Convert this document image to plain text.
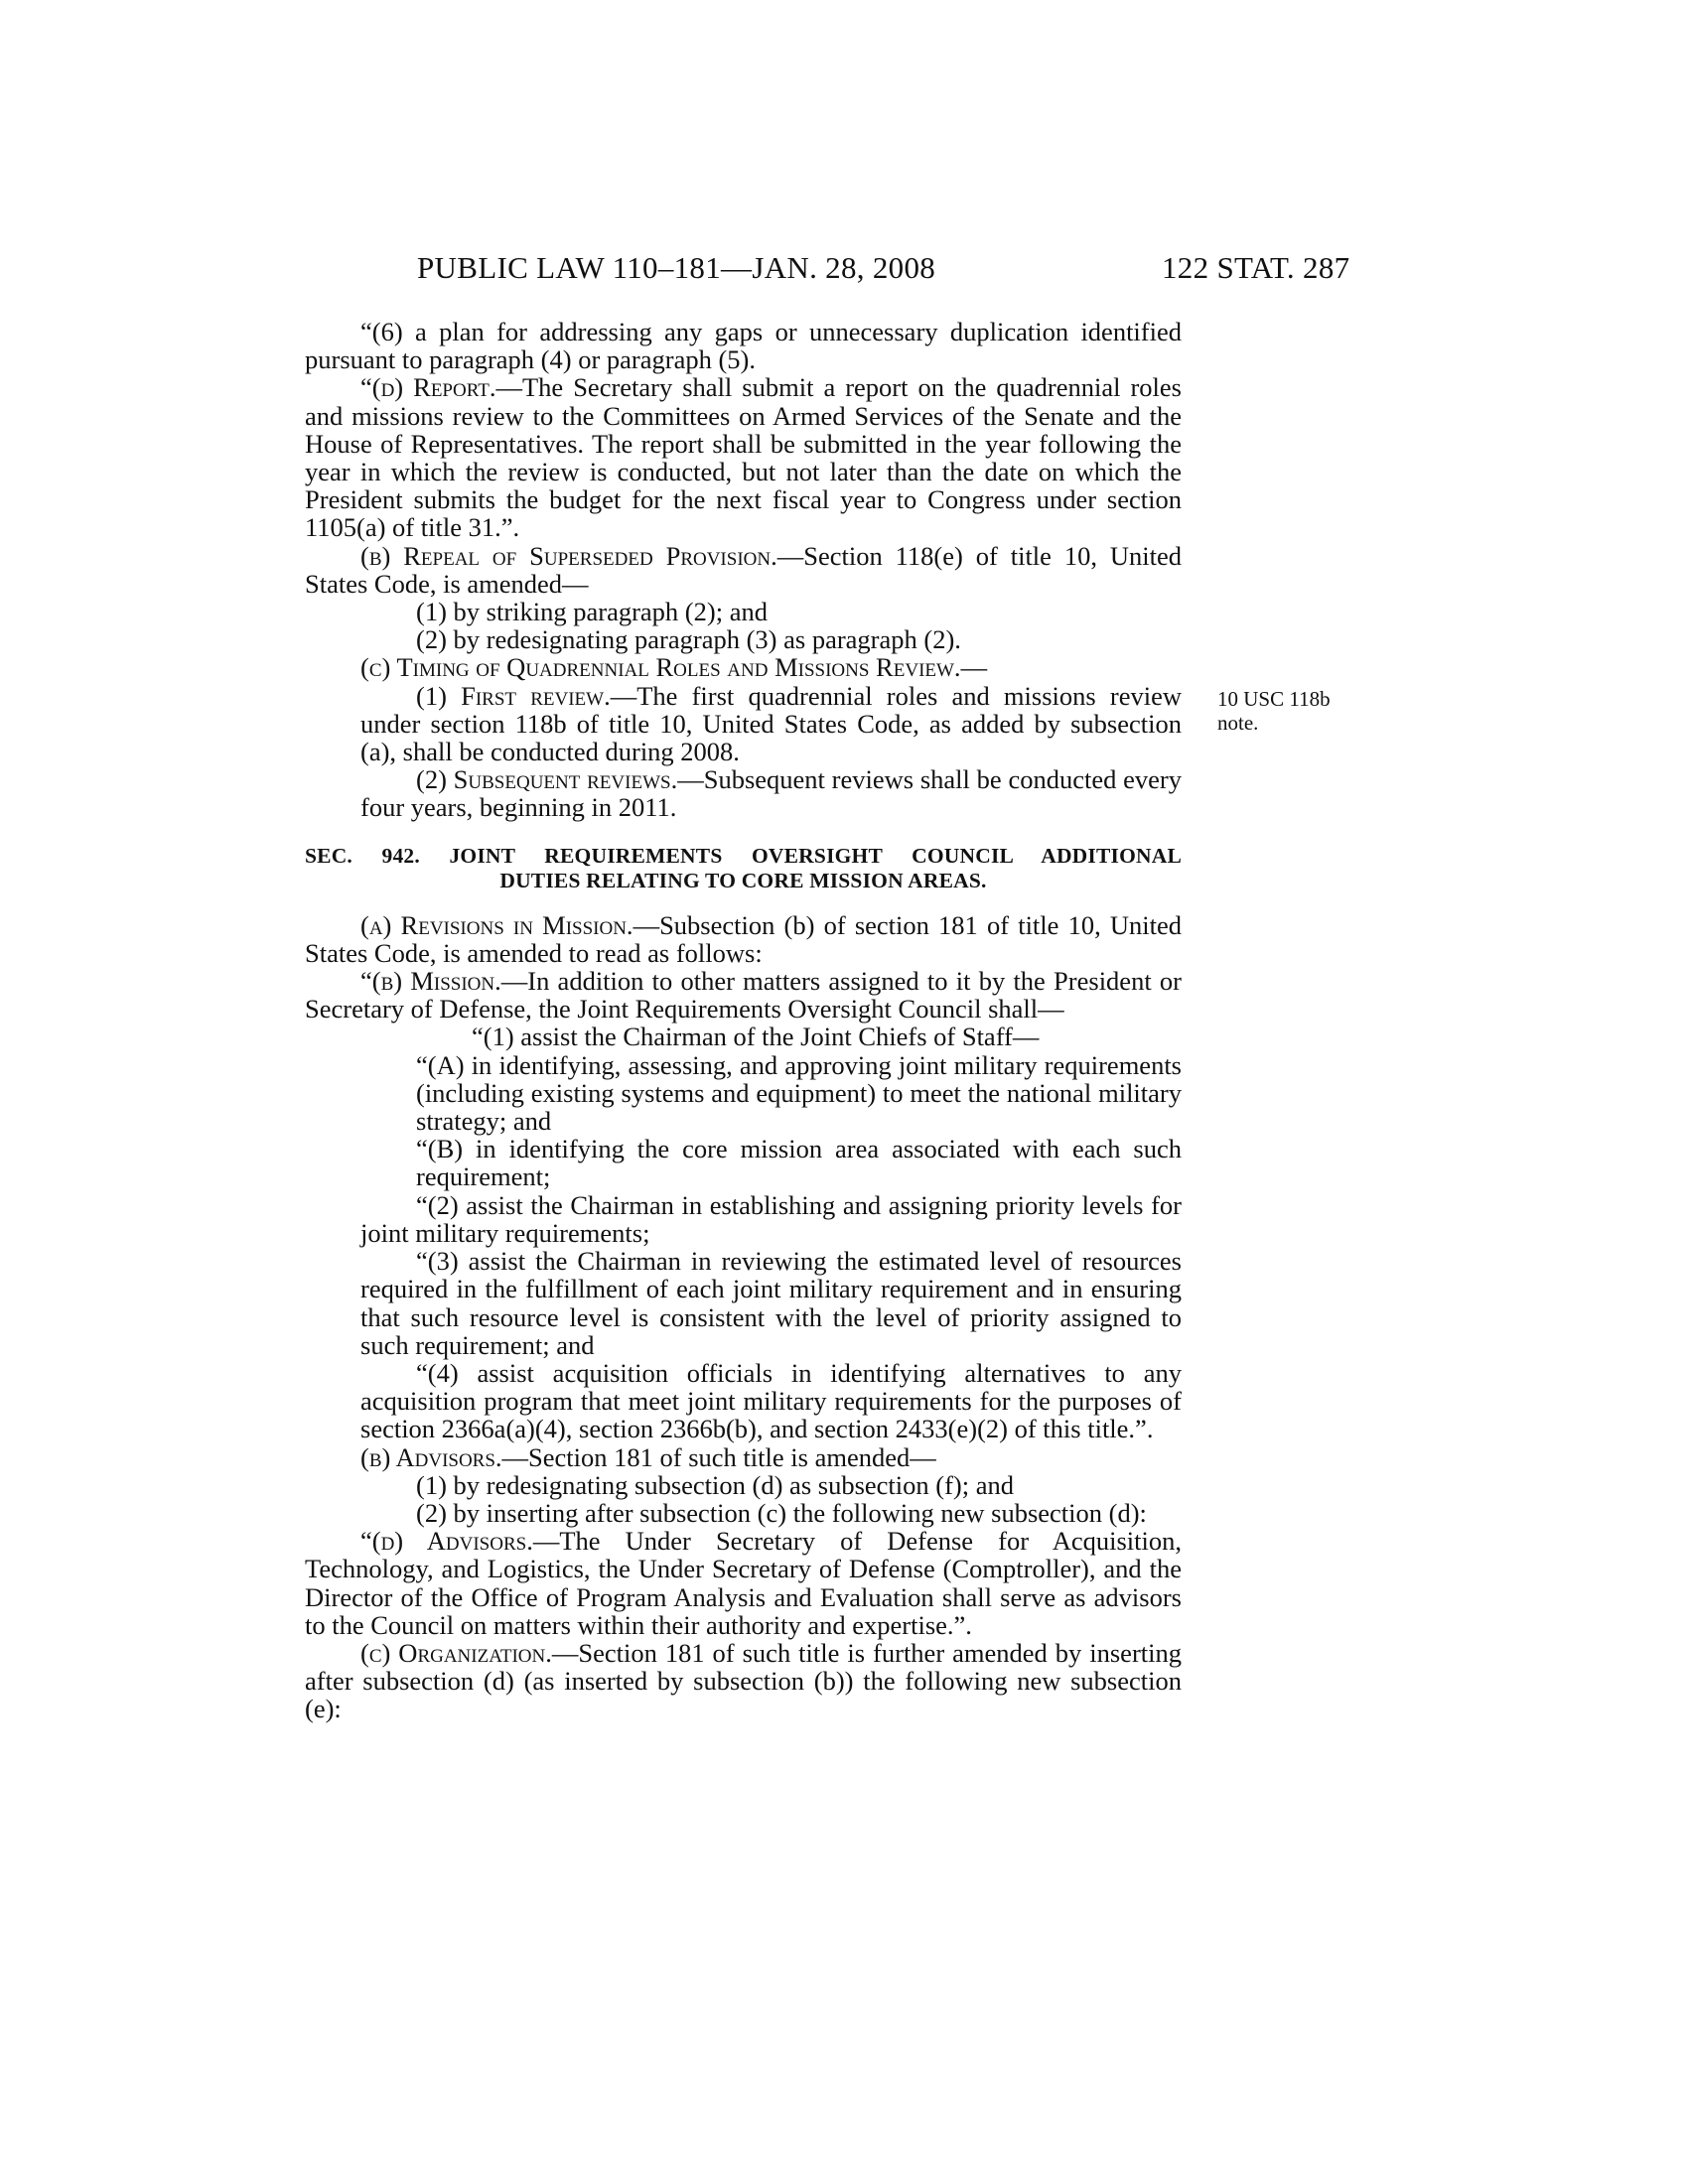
PUBLIC LAW 110–181—JAN. 28, 2008	122 STAT. 287
10 USC 118b
note.

“(6) a plan for addressing any gaps or unnecessary duplication identified pursuant to paragraph (4) or paragraph (5).

“(d) Report.—The Secretary shall submit a report on the quadrennial roles and missions review to the Committees on Armed Services of the Senate and the House of Representatives. The report shall be submitted in the year following the year in which the review is conducted, but not later than the date on which the President submits the budget for the next fiscal year to Congress under section 1105(a) of title 31.”.

(b) Repeal of Superseded Provision.—Section 118(e) of title 10, United States Code, is amended—

(1) by striking paragraph (2); and

(2) by redesignating paragraph (3) as paragraph (2).

(c) Timing of Quadrennial Roles and Missions Review.—

(1) First review.—The first quadrennial roles and missions review under section 118b of title 10, United States Code, as added by subsection (a), shall be conducted during 2008.

(2) Subsequent reviews.—Subsequent reviews shall be conducted every four years, beginning in 2011.

SEC. 942. JOINT REQUIREMENTS OVERSIGHT COUNCIL ADDITIONAL
DUTIES RELATING TO CORE MISSION AREAS.

(a) Revisions in Mission.—Subsection (b) of section 181 of title 10, United States Code, is amended to read as follows:

“(b) Mission.—In addition to other matters assigned to it by the President or Secretary of Defense, the Joint Requirements Oversight Council shall—

“(1) assist the Chairman of the Joint Chiefs of Staff—

“(A) in identifying, assessing, and approving joint military requirements (including existing systems and equipment) to meet the national military strategy; and

“(B) in identifying the core mission area associated with each such requirement;

“(2) assist the Chairman in establishing and assigning priority levels for joint military requirements;

“(3) assist the Chairman in reviewing the estimated level of resources required in the fulfillment of each joint military requirement and in ensuring that such resource level is consistent with the level of priority assigned to such requirement; and

“(4) assist acquisition officials in identifying alternatives to any acquisition program that meet joint military requirements for the purposes of section 2366a(a)(4), section 2366b(b), and section 2433(e)(2) of this title.”.

(b) Advisors.—Section 181 of such title is amended—

(1) by redesignating subsection (d) as subsection (f); and

(2) by inserting after subsection (c) the following new subsection (d):

“(d) Advisors.—The Under Secretary of Defense for Acquisition, Technology, and Logistics, the Under Secretary of Defense (Comptroller), and the Director of the Office of Program Analysis and Evaluation shall serve as advisors to the Council on matters within their authority and expertise.”.

(c) Organization.—Section 181 of such title is further amended by inserting after subsection (d) (as inserted by subsection (b)) the following new subsection (e):
